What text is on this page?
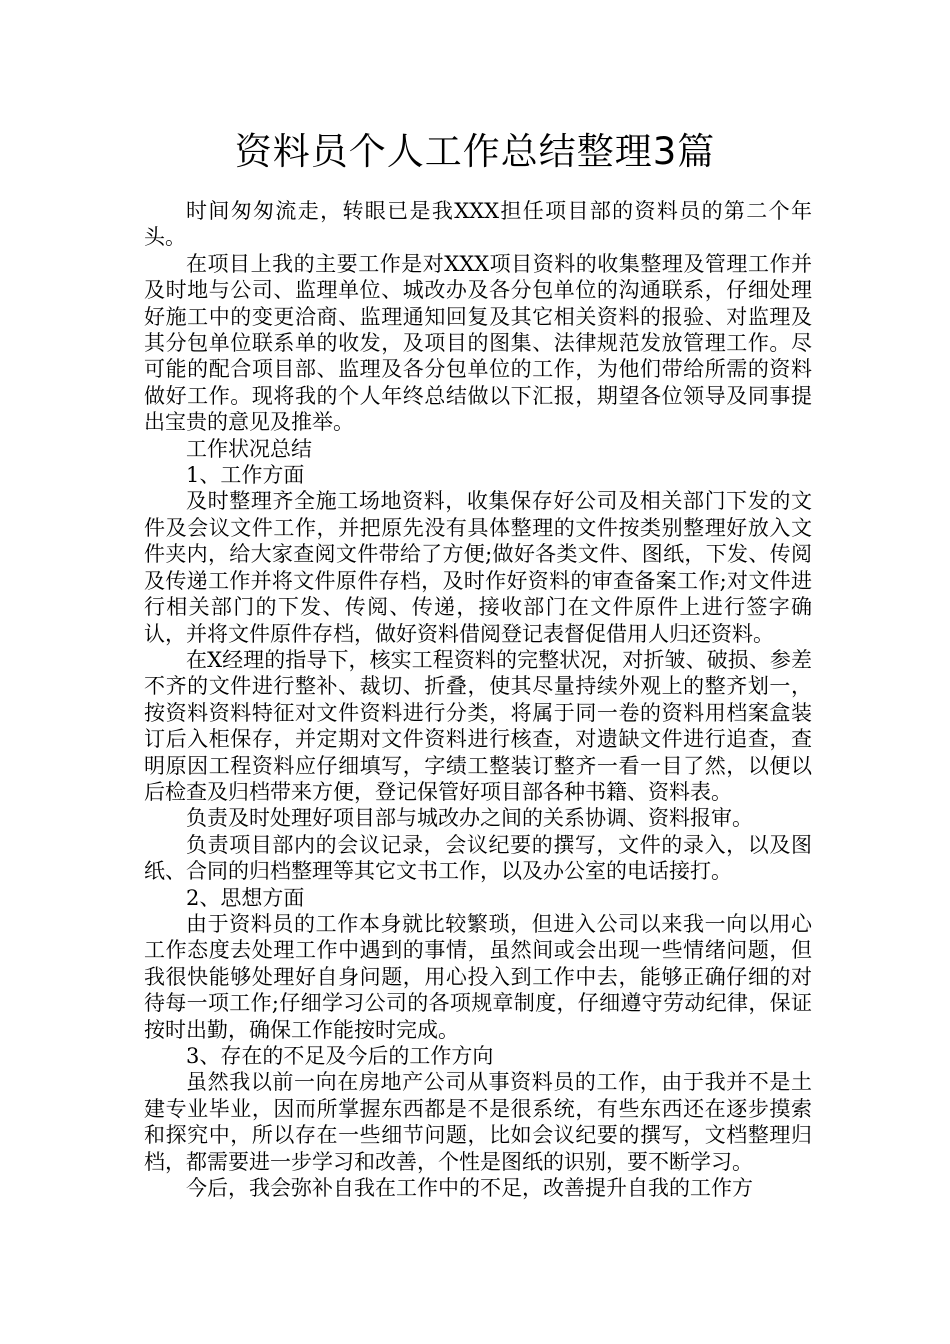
资料员个人工作总结整理3篇

时间匆匆流走，转眼已是我XXX担任项目部的资料员的第二个年头。

在项目上我的主要工作是对XXX项目资料的收集整理及管理工作并及时地与公司、监理单位、城改办及各分包单位的沟通联系，仔细处理好施工中的变更洽商、监理通知回复及其它相关资料的报验、对监理及其分包单位联系单的收发，及项目的图集、法律规范发放管理工作。尽可能的配合项目部、监理及各分包单位的工作，为他们带给所需的资料做好工作。现将我的个人年终总结做以下汇报，期望各位领导及同事提出宝贵的意见及推举。

工作状况总结

1、工作方面

及时整理齐全施工场地资料，收集保存好公司及相关部门下发的文件及会议文件工作，并把原先没有具体整理的文件按类别整理好放入文件夹内，给大家查阅文件带给了方便;做好各类文件、图纸，下发、传阅及传递工作并将文件原件存档，及时作好资料的审查备案工作;对文件进行相关部门的下发、传阅、传递，接收部门在文件原件上进行签字确认，并将文件原件存档，做好资料借阅登记表督促借用人归还资料。

在X经理的指导下，核实工程资料的完整状况，对折皱、破损、参差不齐的文件进行整补、裁切、折叠，使其尽量持续外观上的整齐划一，按资料资料特征对文件资料进行分类，将属于同一卷的资料用档案盒装订后入柜保存，并定期对文件资料进行核查，对遗缺文件进行追查，查明原因工程资料应仔细填写，字绩工整装订整齐一看一目了然，以便以后检查及归档带来方便，登记保管好项目部各种书籍、资料表。

负责及时处理好项目部与城改办之间的关系协调、资料报审。

负责项目部内的会议记录，会议纪要的撰写，文件的录入，以及图纸、合同的归档整理等其它文书工作，以及办公室的电话接打。

2、思想方面

由于资料员的工作本身就比较繁琐，但进入公司以来我一向以用心工作态度去处理工作中遇到的事情，虽然间或会出现一些情绪问题，但我很快能够处理好自身问题，用心投入到工作中去，能够正确仔细的对待每一项工作;仔细学习公司的各项规章制度，仔细遵守劳动纪律，保证按时出勤，确保工作能按时完成。

3、存在的不足及今后的工作方向

虽然我以前一向在房地产公司从事资料员的工作，由于我并不是土建专业毕业，因而所掌握东西都是不是很系统，有些东西还在逐步摸索和探究中，所以存在一些细节问题，比如会议纪要的撰写，文档整理归档，都需要进一步学习和改善，个性是图纸的识别，要不断学习。

今后，我会弥补自我在工作中的不足，改善提升自我的工作方
